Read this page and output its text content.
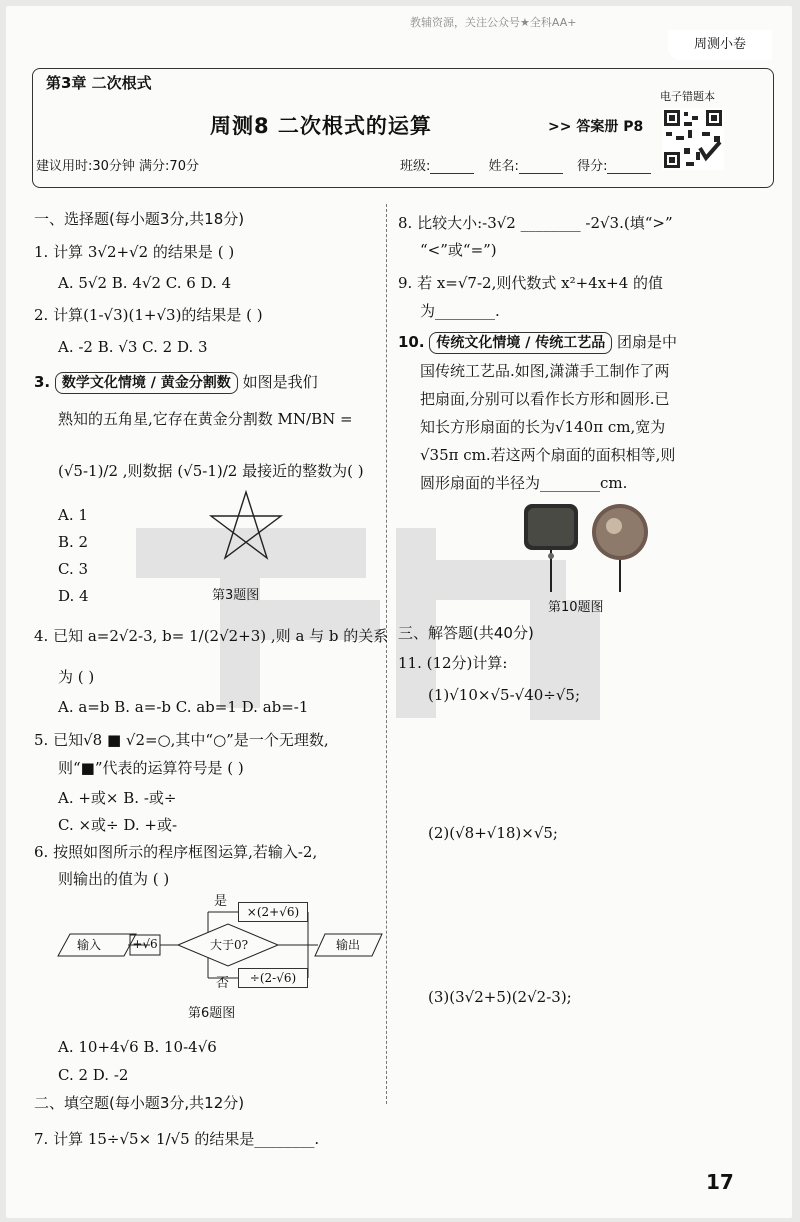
教辅资源，关注公众号★全科AA+
周测小卷
第3章 二次根式
周测8 二次根式的运算	>> 答案册 P8
电子错题本
建议用时:30分钟 满分:70分	班级:	姓名:	得分:
一、选择题(每小题3分,共18分)
1. 计算 3√2+√2 的结果是 ( )
A. 5√2 B. 4√2 C. 6 D. 4
2. 计算(1-√3)(1+√3)的结果是 ( )
A. -2 B. √3 C. 2 D. 3
3. 数学文化情境 / 黄金分割数 如图是我们
熟知的五角星,它存在黄金分割数 MN/BN =
(√5-1)/2 ,则数据 (√5-1)/2 最接近的整数为( )
A. 1
B. 2
C. 3
D. 4	第3题图
4. 已知 a=2√2-3, b= 1/(2√2+3) ,则 a 与 b 的关系
为 ( )
A. a=b B. a=-b C. ab=1 D. ab=-1
5. 已知√8 ■ √2=○,其中“○”是一个无理数,
则“■”代表的运算符号是 ( )
A. +或× B. -或÷
C. ×或÷ D. +或-
6. 按照如图所示的程序框图运算,若输入-2,
则输出的值为 ( )
输入	+√6	大于0?
是
否
×(2+√6)
÷(2-√6)
输出
第6题图
A. 10+4√6 B. 10-4√6
C. 2 D. -2
二、填空题(每小题3分,共12分)
7. 计算 15÷√5× 1/√5 的结果是________.
8. 比较大小:-3√2 ________ -2√3.(填“>”
“<”或“=”)
9. 若 x=√7-2,则代数式 x²+4x+4 的值
为________.
10. 传统文化情境 / 传统工艺品 团扇是中
国传统工艺品.如图,潇潇手工制作了两
把扇面,分别可以看作长方形和圆形.已
知长方形扇面的长为√140π cm,宽为
√35π cm.若这两个扇面的面积相等,则
圆形扇面的半径为________cm.
第10题图
三、解答题(共40分)
11. (12分)计算:
(1)√10×√5-√40÷√5;
(2)(√8+√18)×√5;
(3)(3√2+5)(2√2-3);
17
